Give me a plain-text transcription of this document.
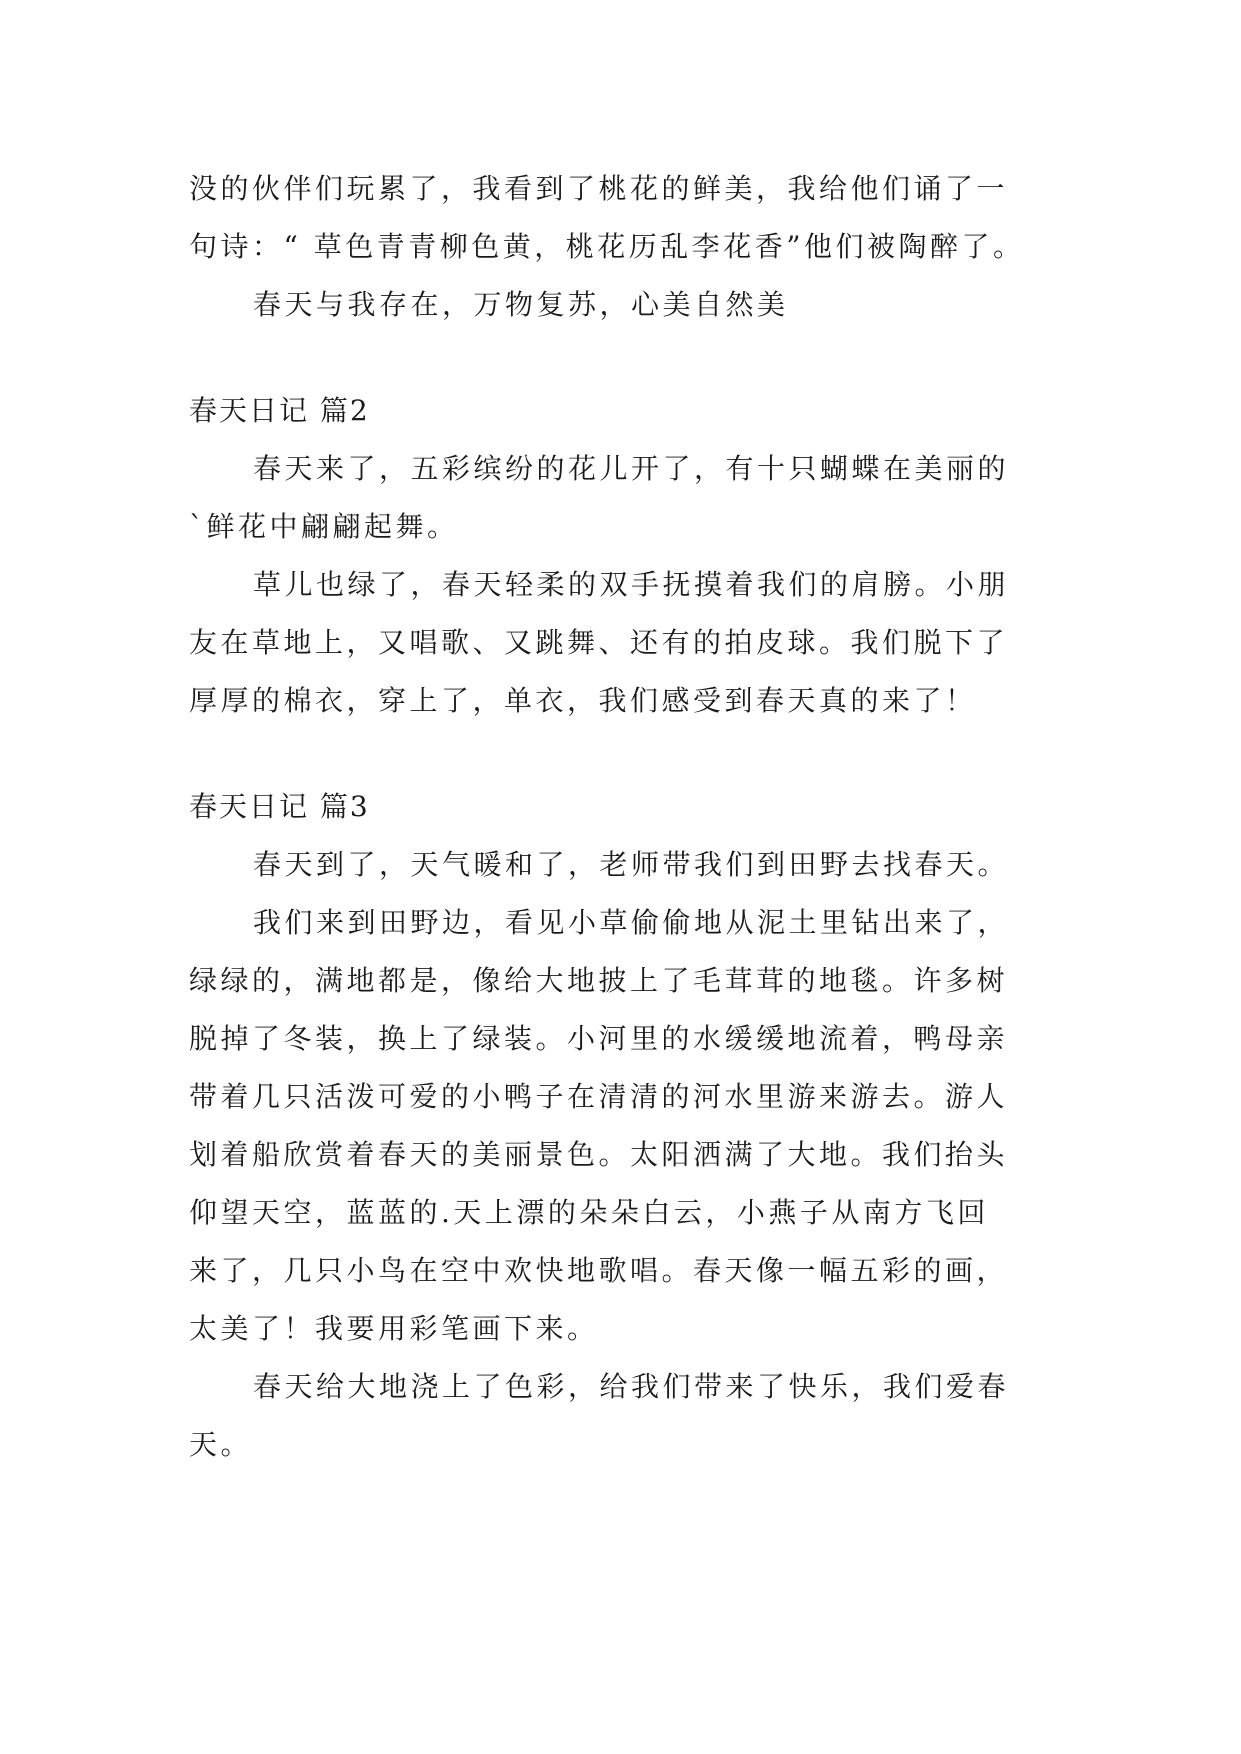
没的伙伴们玩累了，我看到了桃花的鲜美，我给他们诵了一
句诗：“ 草色青青柳色黄，桃花历乱李花香”他们被陶醉了。

春天与我存在，万物复苏，心美自然美

春天日记 篇2

春天来了，五彩缤纷的花儿开了，有十只蝴蝶在美丽的
`鲜花中翩翩起舞。

草儿也绿了，春天轻柔的双手抚摸着我们的肩膀。小朋
友在草地上，又唱歌、又跳舞、还有的拍皮球。我们脱下了
厚厚的棉衣，穿上了，单衣，我们感受到春天真的来了！

春天日记 篇3

春天到了，天气暖和了，老师带我们到田野去找春天。

我们来到田野边，看见小草偷偷地从泥土里钻出来了，
绿绿的，满地都是，像给大地披上了毛茸茸的地毯。许多树
脱掉了冬装，换上了绿装。小河里的水缓缓地流着，鸭母亲
带着几只活泼可爱的小鸭子在清清的河水里游来游去。游人
划着船欣赏着春天的美丽景色。太阳洒满了大地。我们抬头
仰望天空，蓝蓝的.天上漂的朵朵白云，小燕子从南方飞回
来了，几只小鸟在空中欢快地歌唱。春天像一幅五彩的画，
太美了！我要用彩笔画下来。

春天给大地浇上了色彩，给我们带来了快乐，我们爱春
天。
